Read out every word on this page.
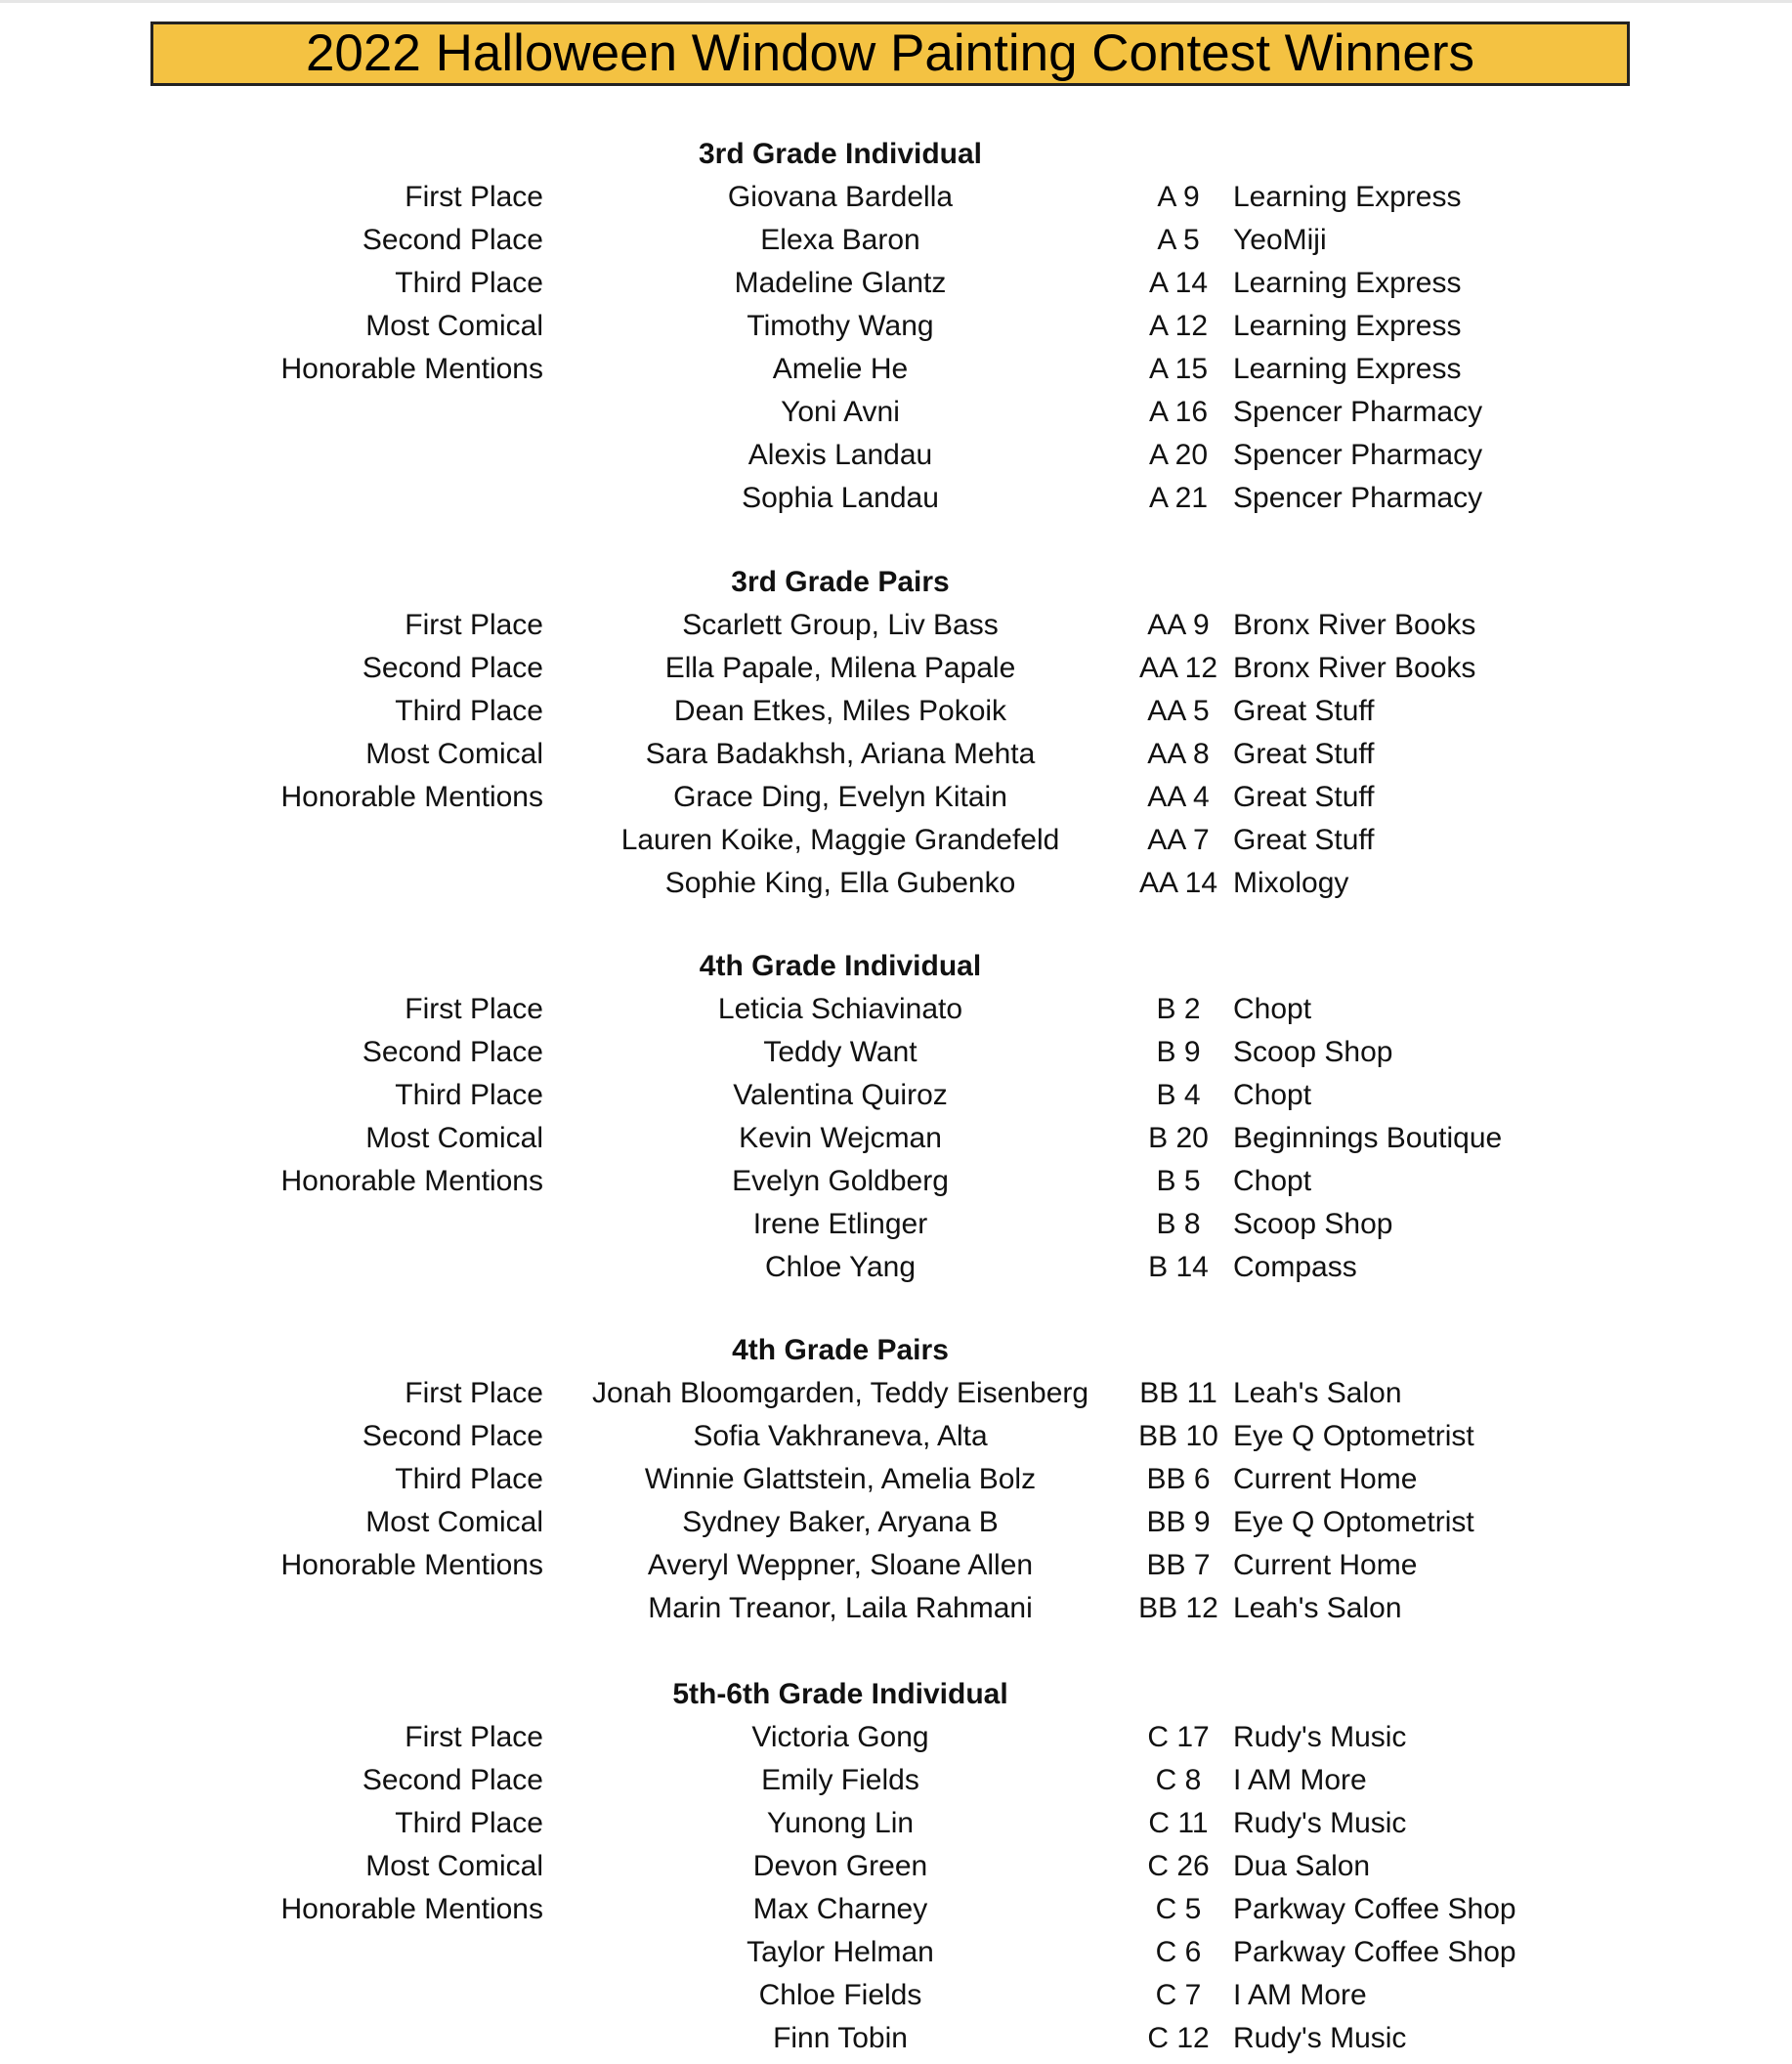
2022 Halloween Window Painting Contest Winners
3rd Grade Individual
First Place	Giovana Bardella	A 9	Learning Express
Second Place	Elexa Baron	A 5	YeoMiji
Third Place	Madeline Glantz	A 14 Learning Express
Most Comical	Timothy Wang	A 12 Learning Express
Honorable Mentions	Amelie He	A 15 Learning Express
Yoni Avni	A 16 Spencer Pharmacy
Alexis Landau	A 20 Spencer Pharmacy
Sophia Landau	A 21 Spencer Pharmacy
3rd Grade Pairs
First Place	Scarlett Group, Liv Bass	AA 9 Bronx River Books
Second Place	Ella Papale, Milena Papale	AA 12 Bronx River Books
Third Place	Dean Etkes, Miles Pokoik	AA 5 Great Stuff
Most Comical	Sara Badakhsh, Ariana Mehta	AA 8 Great Stuff
Honorable Mentions	Grace Ding, Evelyn Kitain	AA 4 Great Stuff
Lauren Koike, Maggie Grandefeld	AA 7 Great Stuff
Sophie King, Ella Gubenko	AA 14 Mixology
4th Grade Individual
First Place	Leticia Schiavinato	B 2	Chopt
Second Place	Teddy Want	B 9	Scoop Shop
Third Place	Valentina Quiroz	B 4	Chopt
Most Comical	Kevin Wejcman	B 20 Beginnings Boutique
Honorable Mentions	Evelyn Goldberg	B 5	Chopt
Irene Etlinger	B 8	Scoop Shop
Chloe Yang	B 14 Compass
4th Grade Pairs
First Place	Jonah Bloomgarden, Teddy Eisenberg	BB 11 Leah's Salon
Second Place	Sofia Vakhraneva, Alta	BB 10 Eye Q Optometrist
Third Place	Winnie Glattstein, Amelia Bolz	BB 6 Current Home
Most Comical	Sydney Baker, Aryana B	BB 9 Eye Q Optometrist
Honorable Mentions	Averyl Weppner, Sloane Allen	BB 7 Current Home
Marin Treanor, Laila Rahmani	BB 12 Leah's Salon
5th-6th Grade Individual
First Place	Victoria Gong	C 17 Rudy's Music
Second Place	Emily Fields	C 8	I AM More
Third Place	Yunong Lin	C 11 Rudy's Music
Most Comical	Devon Green	C 26 Dua Salon
Honorable Mentions	Max Charney	C 5	Parkway Coffee Shop
Taylor Helman	C 6	Parkway Coffee Shop
Chloe Fields	C 7	I AM More
Finn Tobin	C 12 Rudy's Music
